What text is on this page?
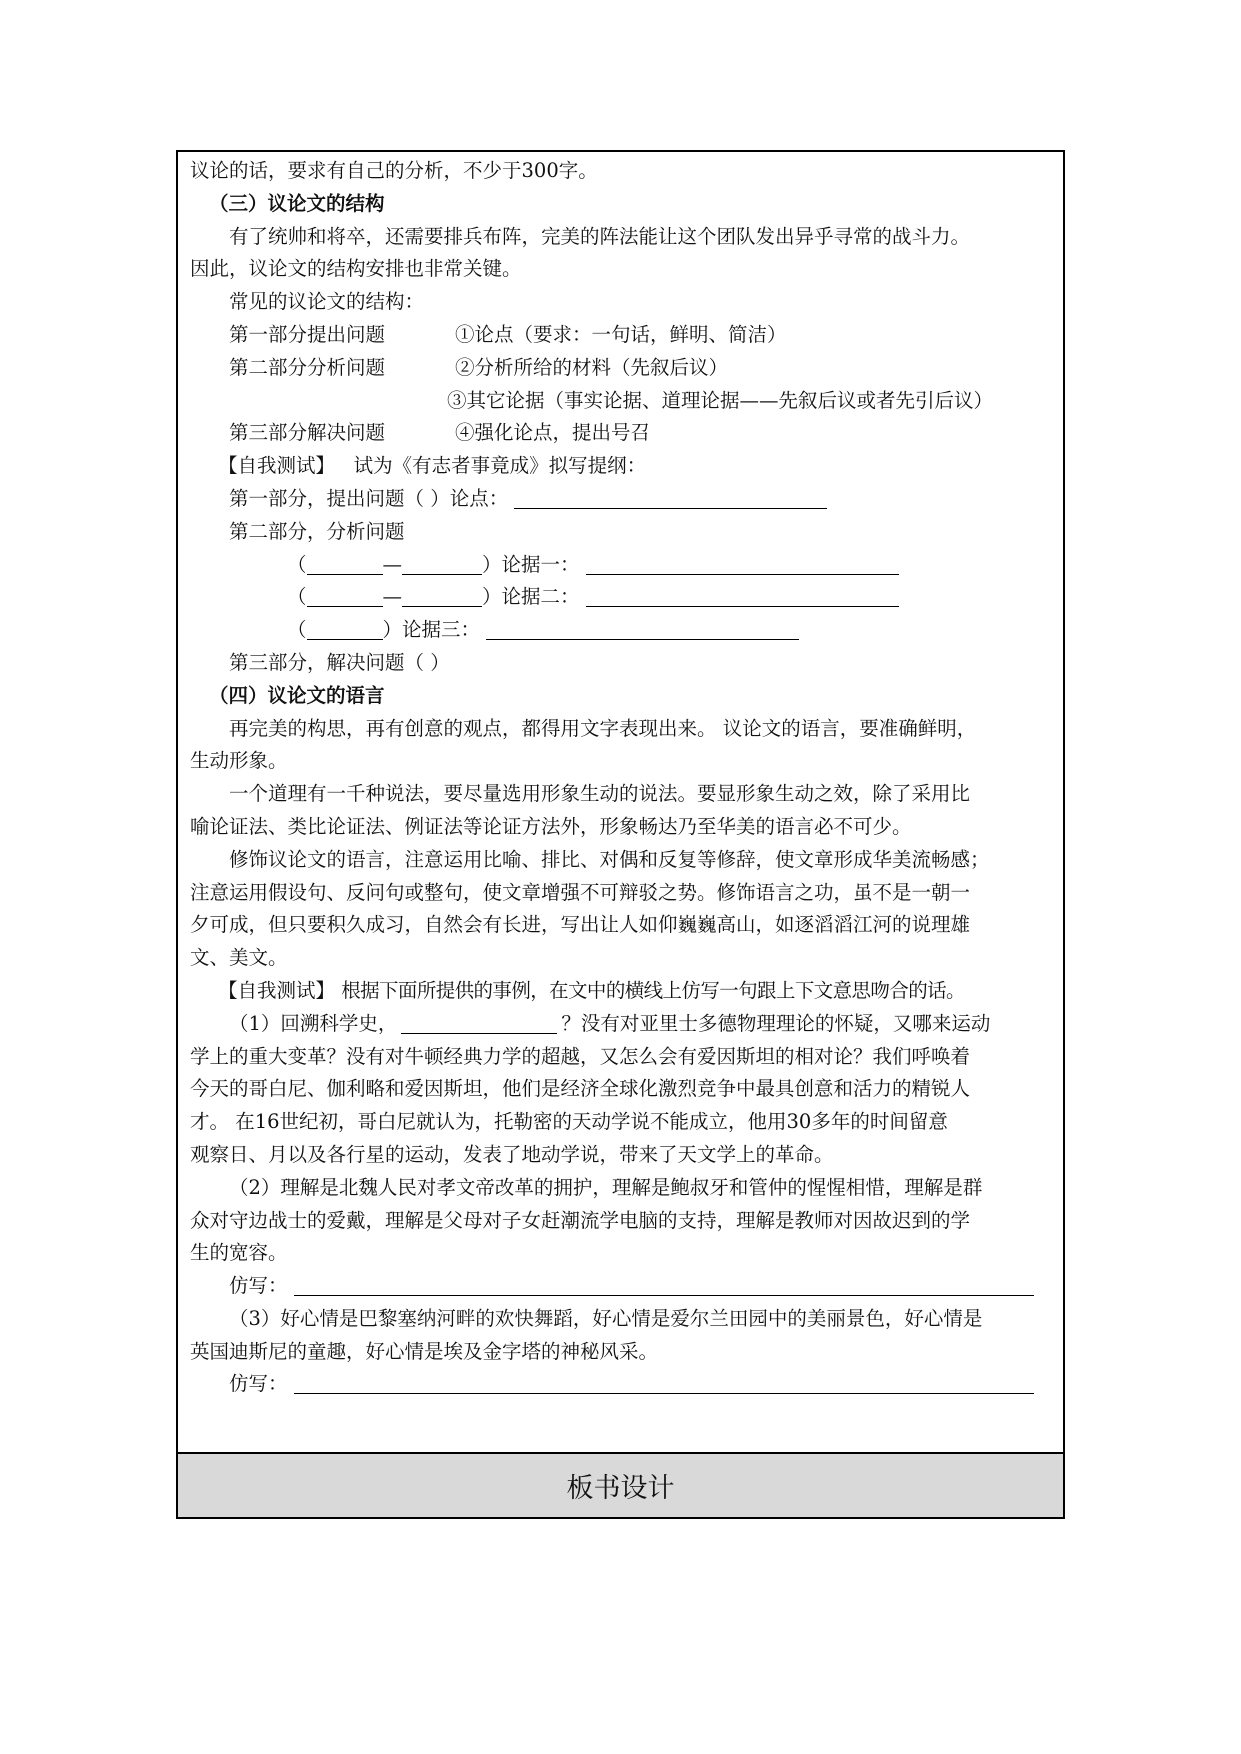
议论的话，要求有自己的分析，不少于300字。
（三）议论文的结构
有了统帅和将卒，还需要排兵布阵，完美的阵法能让这个团队发出异乎寻常的战斗力。
因此，议论文的结构安排也非常关键。
常见的议论文的结构：
第一部分提出问题	①论点（要求：一句话，鲜明、简洁）
第二部分分析问题	②分析所给的材料（先叙后议）
③其它论据（事实论据、道理论据——先叙后议或者先引后议）
第三部分解决问题	④强化论点，提出号召
【自我测试】 试为《有志者事竟成》拟写提纲：
第一部分，提出问题（ ）论点：
第二部分，分析问题
（	—	）论据一：
（	—	）论据二：
（	）论据三：
第三部分，解决问题（ ）
（四）议论文的语言
再完美的构思，再有创意的观点，都得用文字表现出来。 议论文的语言，要准确鲜明，
生动形象。
一个道理有一千种说法，要尽量选用形象生动的说法。要显形象生动之效，除了采用比
喻论证法、类比论证法、例证法等论证方法外，形象畅达乃至华美的语言必不可少。
修饰议论文的语言，注意运用比喻、排比、对偶和反复等修辞，使文章形成华美流畅感；
注意运用假设句、反问句或整句，使文章增强不可辩驳之势。修饰语言之功，虽不是一朝一
夕可成，但只要积久成习，自然会有长进，写出让人如仰巍巍高山，如逐滔滔江河的说理雄
文、美文。
【自我测试】 根据下面所提供的事例，在文中的横线上仿写一句跟上下文意思吻合的话。
（1）回溯科学史，	？没有对亚里士多德物理理论的怀疑，又哪来运动
学上的重大变革？没有对牛顿经典力学的超越，又怎么会有爱因斯坦的相对论？我们呼唤着
今天的哥白尼、伽利略和爱因斯坦，他们是经济全球化激烈竞争中最具创意和活力的精锐人
才。 在16世纪初，哥白尼就认为，托勒密的天动学说不能成立，他用30多年的时间留意
观察日、月以及各行星的运动，发表了地动学说，带来了天文学上的革命。
（2）理解是北魏人民对孝文帝改革的拥护，理解是鲍叔牙和管仲的惺惺相惜，理解是群
众对守边战士的爱戴，理解是父母对子女赶潮流学电脑的支持，理解是教师对因故迟到的学
生的宽容。
仿写：
（3）好心情是巴黎塞纳河畔的欢快舞蹈，好心情是爱尔兰田园中的美丽景色，好心情是
英国迪斯尼的童趣，好心情是埃及金字塔的神秘风采。
仿写：
板书设计
